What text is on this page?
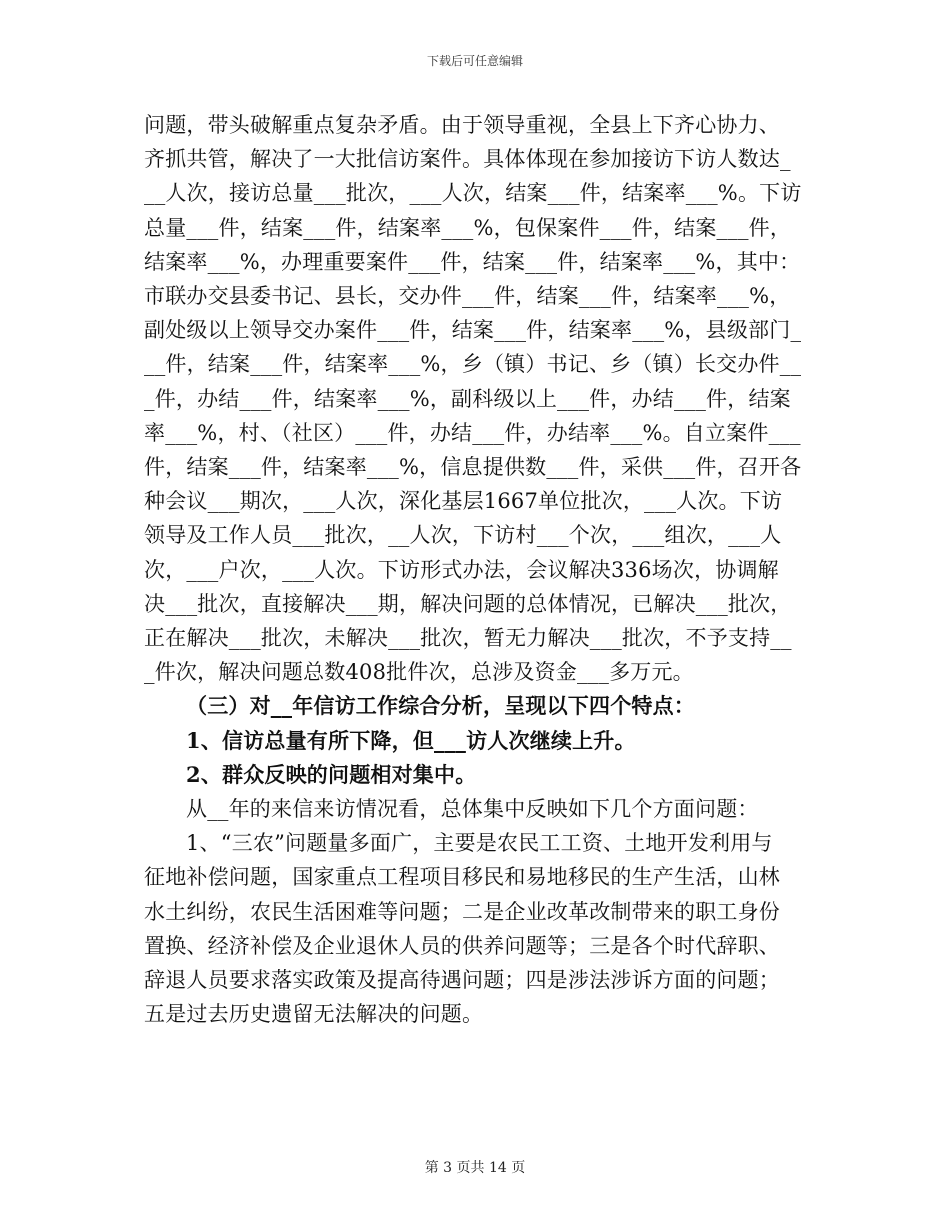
下载后可任意编辑
问题，带头破解重点复杂矛盾。由于领导重视，全县上下齐心协力、
齐抓共管，解决了一大批信访案件。具体体现在参加接访下访人数达_
__人次，接访总量___批次，___人次，结案___件，结案率___%。下访
总量___件，结案___件，结案率___%，包保案件___件，结案___件，
结案率___%，办理重要案件___件，结案___件，结案率___%，其中：
市联办交县委书记、县长，交办件___件，结案___件，结案率___%，
副处级以上领导交办案件___件，结案___件，结案率___%，县级部门_
__件，结案___件，结案率___%，乡（镇）书记、乡（镇）长交办件__
_件，办结___件，结案率___%，副科级以上___件，办结___件，结案
率___%，村、（社区）___件，办结___件，办结率___%。自立案件___
件，结案___件，结案率___%，信息提供数___件，采供___件，召开各
种会议___期次，___人次，深化基层1667单位批次，___人次。下访
领导及工作人员___批次，__人次，下访村___个次，___组次，___人
次，___户次，___人次。下访形式办法，会议解决336场次，协调解
决___批次，直接解决___期，解决问题的总体情况，已解决___批次，
正在解决___批次，未解决___批次，暂无力解决___批次，不予支持__
_件次，解决问题总数408批件次，总涉及资金___多万元。
（三）对__年信访工作综合分析，呈现以下四个特点：
1、信访总量有所下降，但___访人次继续上升。
2、群众反映的问题相对集中。
从__年的来信来访情况看，总体集中反映如下几个方面问题：
1、“三农”问题量多面广，主要是农民工工资、土地开发利用与
征地补偿问题，国家重点工程项目移民和易地移民的生产生活，山林
水土纠纷，农民生活困难等问题；二是企业改革改制带来的职工身份
置换、经济补偿及企业退休人员的供养问题等；三是各个时代辞职、
辞退人员要求落实政策及提高待遇问题；四是涉法涉诉方面的问题；
五是过去历史遗留无法解决的问题。
第 3 页共 14 页
